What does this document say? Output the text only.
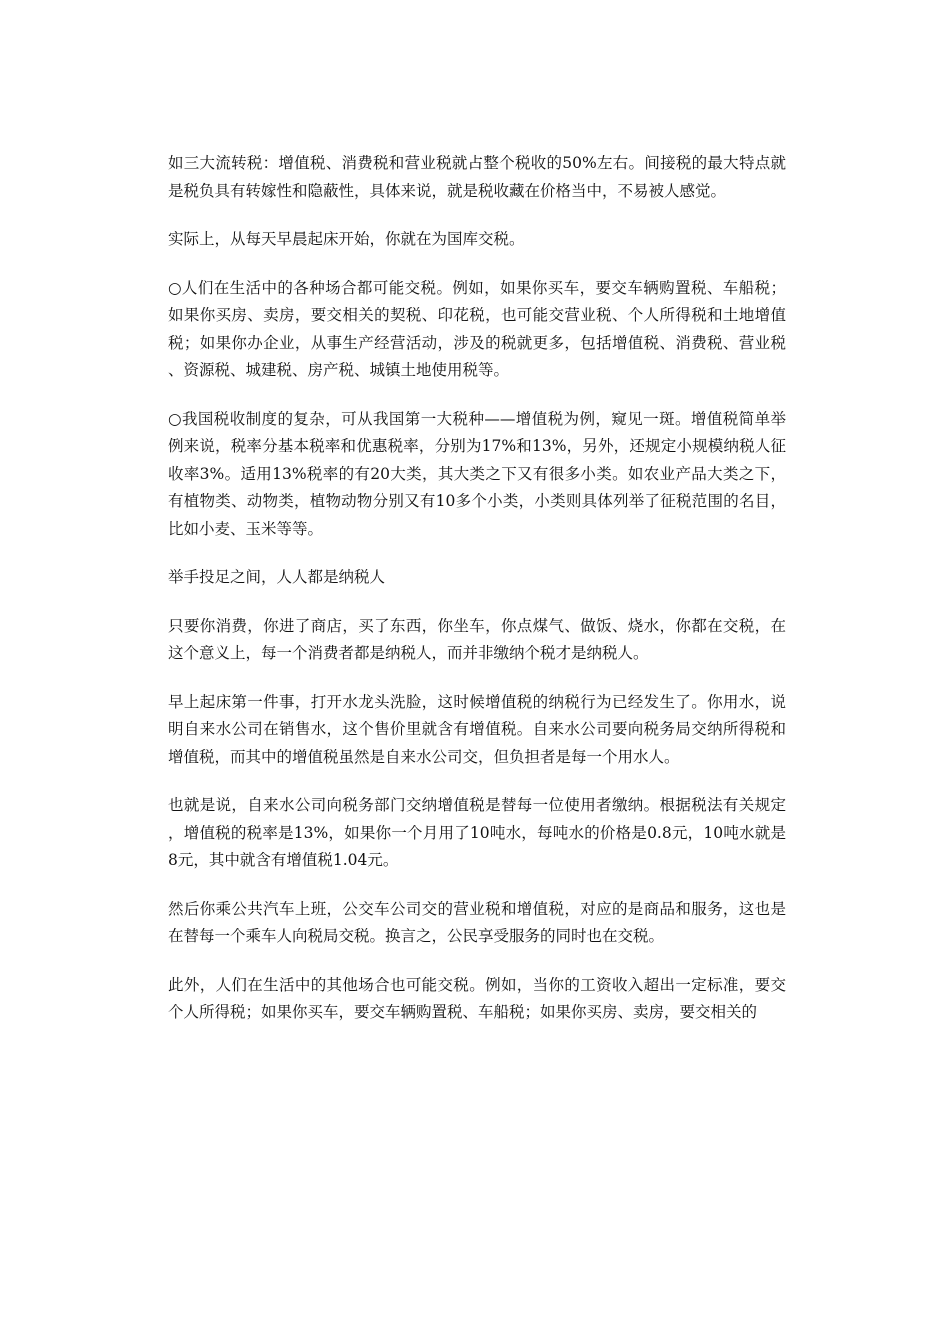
如三大流转税：增值税、消费税和营业税就占整个税收的50%左右。间接税的最大特点就是税负具有转嫁性和隐蔽性，具体来说，就是税收藏在价格当中，不易被人感觉。

实际上，从每天早晨起床开始，你就在为国库交税。

○人们在生活中的各种场合都可能交税。例如，如果你买车，要交车辆购置税、车船税；如果你买房、卖房，要交相关的契税、印花税，也可能交营业税、个人所得税和土地增值税；如果你办企业，从事生产经营活动，涉及的税就更多，包括增值税、消费税、营业税、资源税、城建税、房产税、城镇土地使用税等。

○我国税收制度的复杂，可从我国第一大税种——增值税为例，窥见一斑。增值税简单举例来说，税率分基本税率和优惠税率，分别为17%和13%，另外，还规定小规模纳税人征收率3%。适用13%税率的有20大类，其大类之下又有很多小类。如农业产品大类之下，有植物类、动物类，植物动物分别又有10多个小类，小类则具体列举了征税范围的名目，比如小麦、玉米等等。

举手投足之间，人人都是纳税人

只要你消费，你进了商店，买了东西，你坐车，你点煤气、做饭、烧水，你都在交税，在这个意义上，每一个消费者都是纳税人，而并非缴纳个税才是纳税人。

早上起床第一件事，打开水龙头洗脸，这时候增值税的纳税行为已经发生了。你用水，说明自来水公司在销售水，这个售价里就含有增值税。自来水公司要向税务局交纳所得税和增值税，而其中的增值税虽然是自来水公司交，但负担者是每一个用水人。

也就是说，自来水公司向税务部门交纳增值税是替每一位使用者缴纳。根据税法有关规定，增值税的税率是13%，如果你一个月用了10吨水，每吨水的价格是0.8元，10吨水就是8元，其中就含有增值税1.04元。

然后你乘公共汽车上班，公交车公司交的营业税和增值税，对应的是商品和服务，这也是在替每一个乘车人向税局交税。换言之，公民享受服务的同时也在交税。

此外，人们在生活中的其他场合也可能交税。例如，当你的工资收入超出一定标准，要交个人所得税；如果你买车，要交车辆购置税、车船税；如果你买房、卖房，要交相关的
